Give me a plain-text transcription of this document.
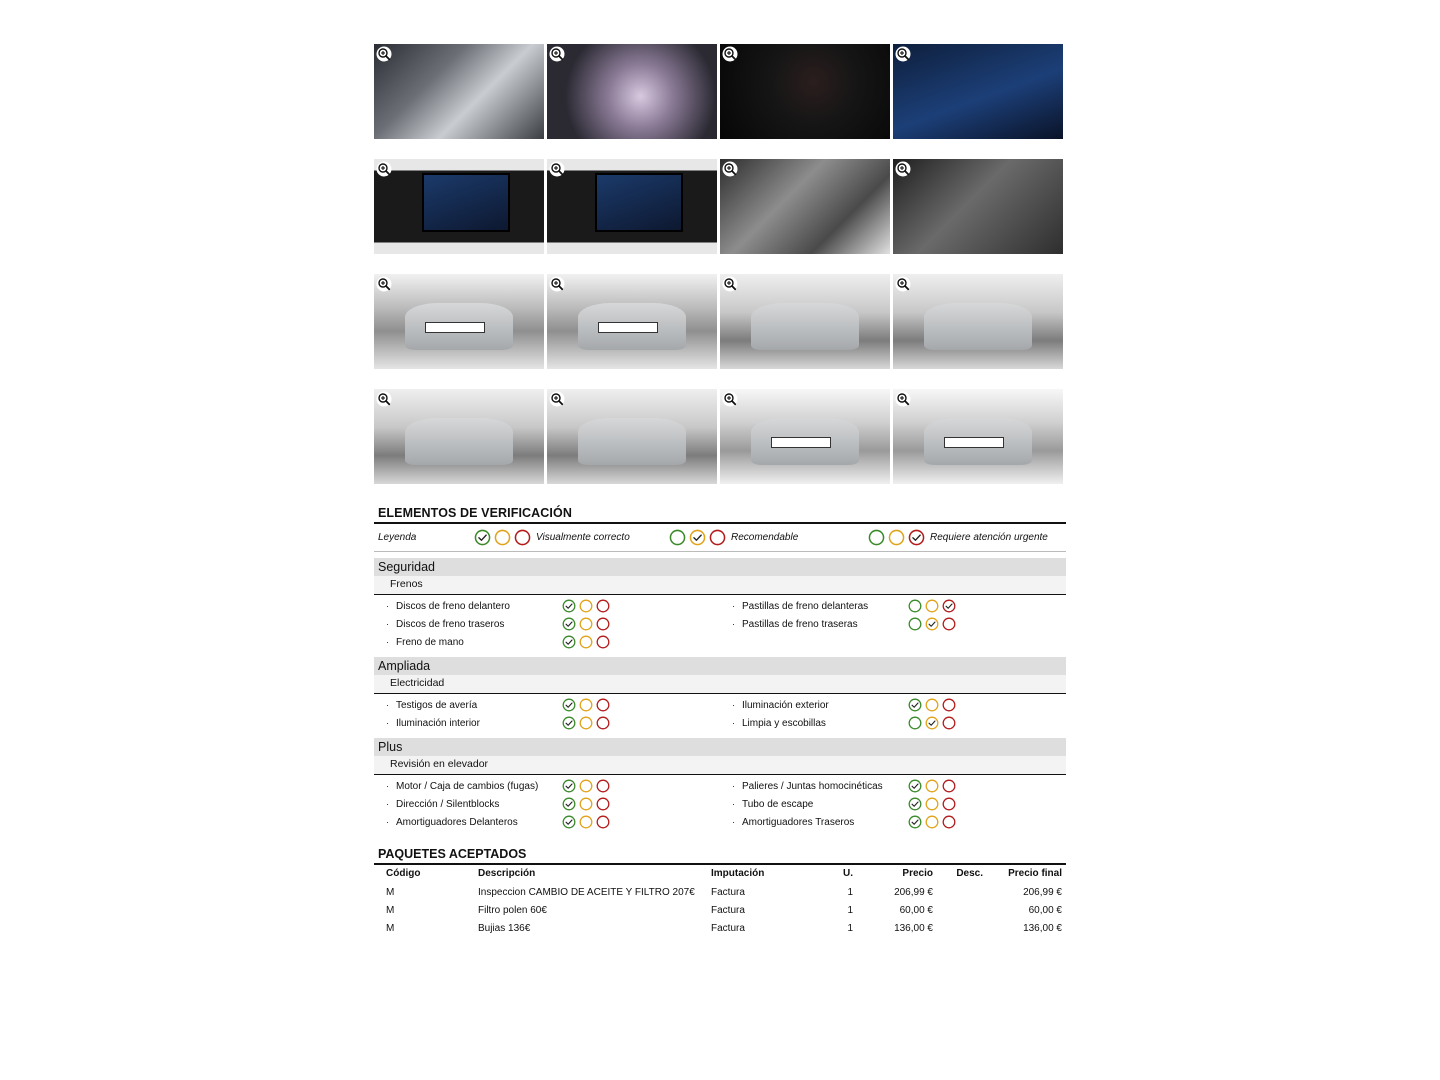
ELEMENTOS DE VERIFICACIÓN
Leyenda	Visualmente correcto	Recomendable	Requiere atención urgente
Seguridad
Frenos
· Discos de freno delantero	· Pastillas de freno delanteras
· Discos de freno traseros	· Pastillas de freno traseras
· Freno de mano
Ampliada
Electricidad
· Testigos de avería	· Iluminación exterior
· Iluminación interior	· Limpia y escobillas
Plus
Revisión en elevador
· Motor / Caja de cambios (fugas)	· Palieres / Juntas homocinéticas
· Dirección / Silentblocks	· Tubo de escape
· Amortiguadores Delanteros	· Amortiguadores Traseros
PAQUETES ACEPTADOS
Código	Descripción	Imputación	U.	Precio	Desc.	Precio final
M	Inspeccion CAMBIO DE ACEITE Y FILTRO 207€	Factura	1	206,99 €		206,99 €
M	Filtro polen 60€	Factura	1	60,00 €		60,00 €
M	Bujias 136€	Factura	1	136,00 €		136,00 €
